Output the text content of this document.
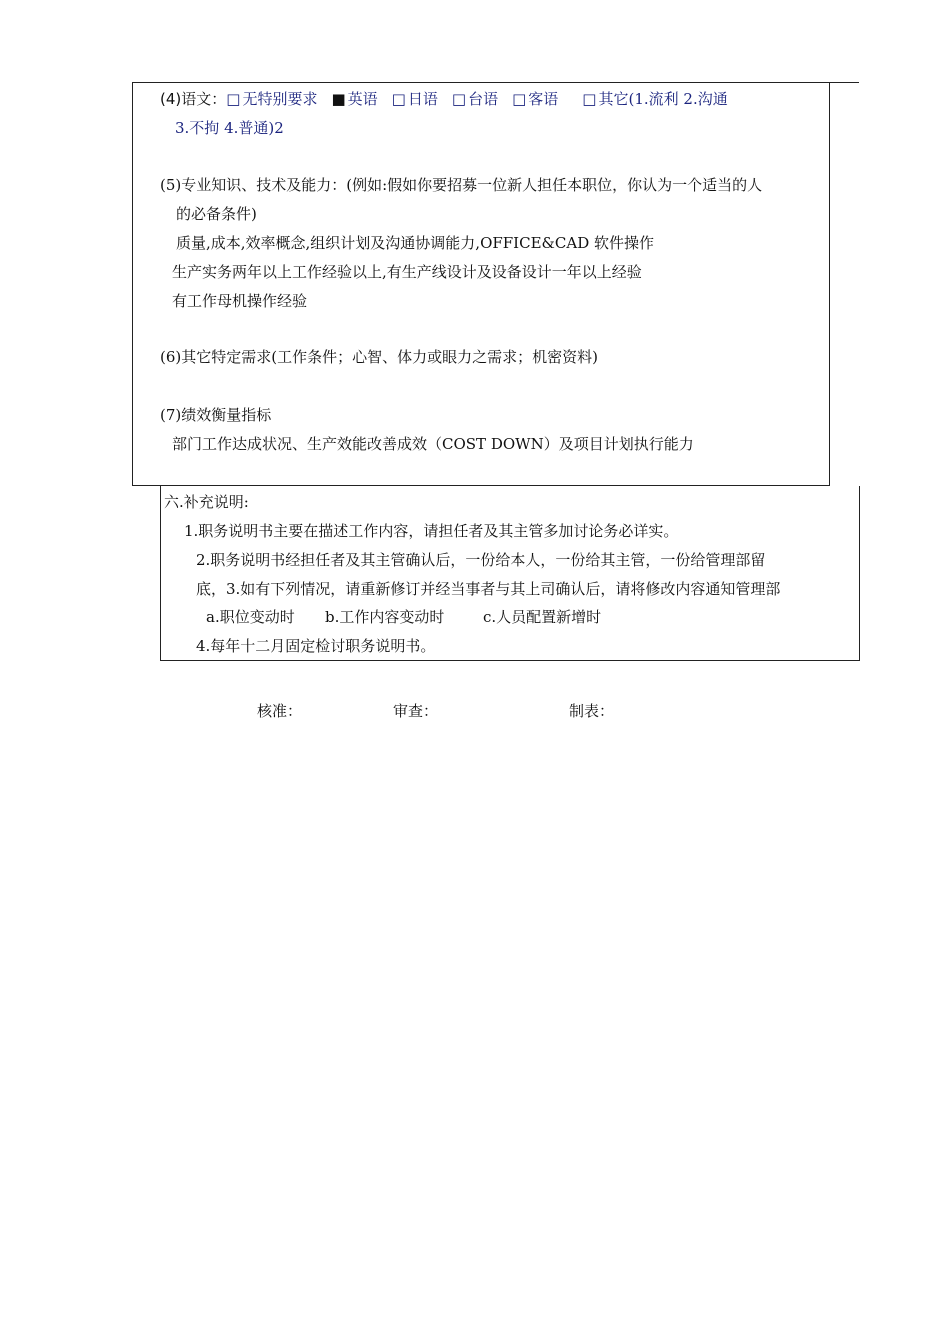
(4)语文：□ 无特别要求 ■ 英语 □ 日语 □ 台语 □ 客语 □ 其它(1.流利 2.沟通
3.不拘 4.普通)2
(5)专业知识、技术及能力：(例如:假如你要招募一位新人担任本职位，你认为一个适当的人
的必备条件)
质量,成本,效率概念,组织计划及沟通协调能力,OFFICE&CAD 软件操作
生产实务两年以上工作经验以上,有生产线设计及设备设计一年以上经验
有工作母机操作经验
(6)其它特定需求(工作条件；心智、体力或眼力之需求；机密资料)
(7)绩效衡量指标
部门工作达成状况、生产效能改善成效（COST DOWN）及项目计划执行能力
六.补充说明:
1.职务说明书主要在描述工作内容，请担任者及其主管多加讨论务必详实。
2.职务说明书经担任者及其主管确认后，一份给本人，一份给其主管，一份给管理部留
底，3.如有下列情况，请重新修订并经当事者与其上司确认后，请将修改内容通知管理部
a.职位变动时 b.工作内容变动时	c.人员配置新增时
4.每年十二月固定检讨职务说明书。
核准：	审查：	制表：
